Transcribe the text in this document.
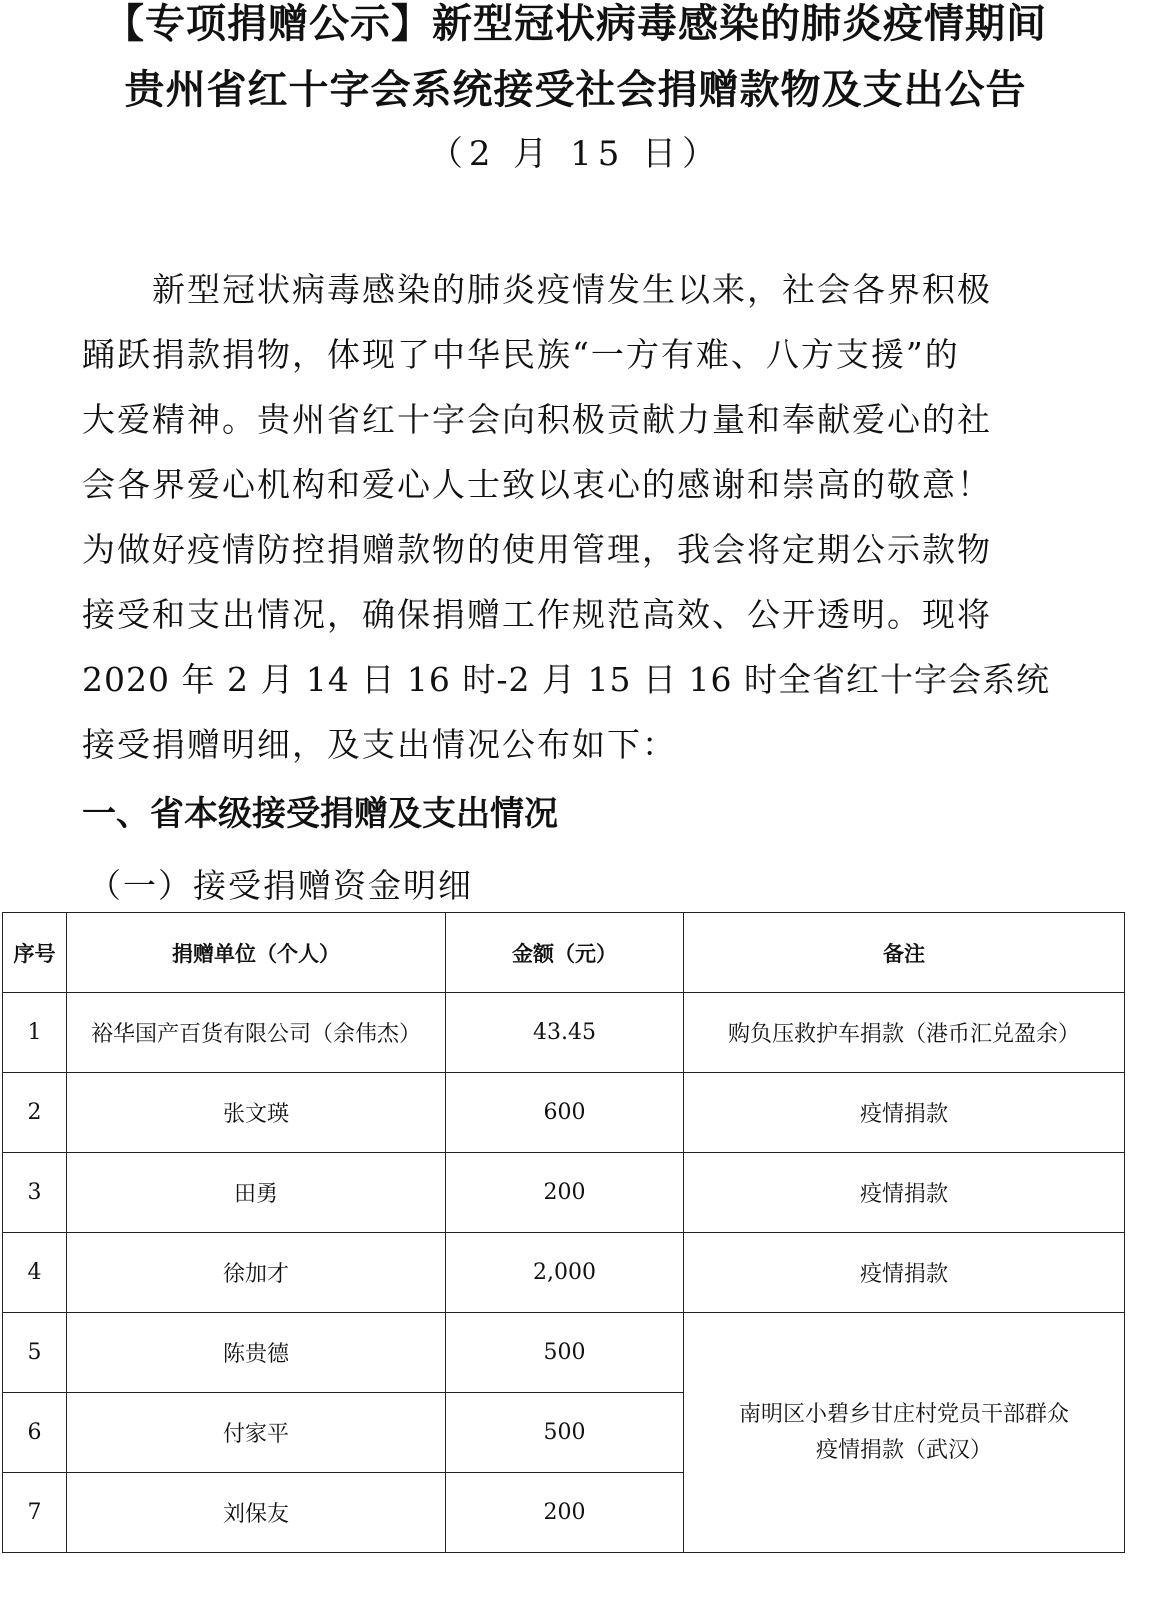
【专项捐赠公示】新型冠状病毒感染的肺炎疫情期间
贵州省红十字会系统接受社会捐赠款物及支出公告
（2 月 15 日）
新型冠状病毒感染的肺炎疫情发生以来，社会各界积极
踊跃捐款捐物，体现了中华民族“一方有难、八方支援”的
大爱精神。贵州省红十字会向积极贡献力量和奉献爱心的社
会各界爱心机构和爱心人士致以衷心的感谢和崇高的敬意！
为做好疫情防控捐赠款物的使用管理，我会将定期公示款物
接受和支出情况，确保捐赠工作规范高效、公开透明。现将
2020 年 2 月 14 日 16 时-2 月 15 日 16 时全省红十字会系统
接受捐赠明细，及支出情况公布如下：
一、省本级接受捐赠及支出情况
（一）接受捐赠资金明细
序号	捐赠单位（个人）	金额（元）	备注
1	裕华国产百货有限公司（余伟杰）	43.45	购负压救护车捐款（港币汇兑盈余）
2	张文瑛	600	疫情捐款
3	田勇	200	疫情捐款
4	徐加才	2,000	疫情捐款
5	陈贵德	500	南明区小碧乡甘庄村党员干部群众
疫情捐款（武汉）
6	付家平	500	
7	刘保友	200	
